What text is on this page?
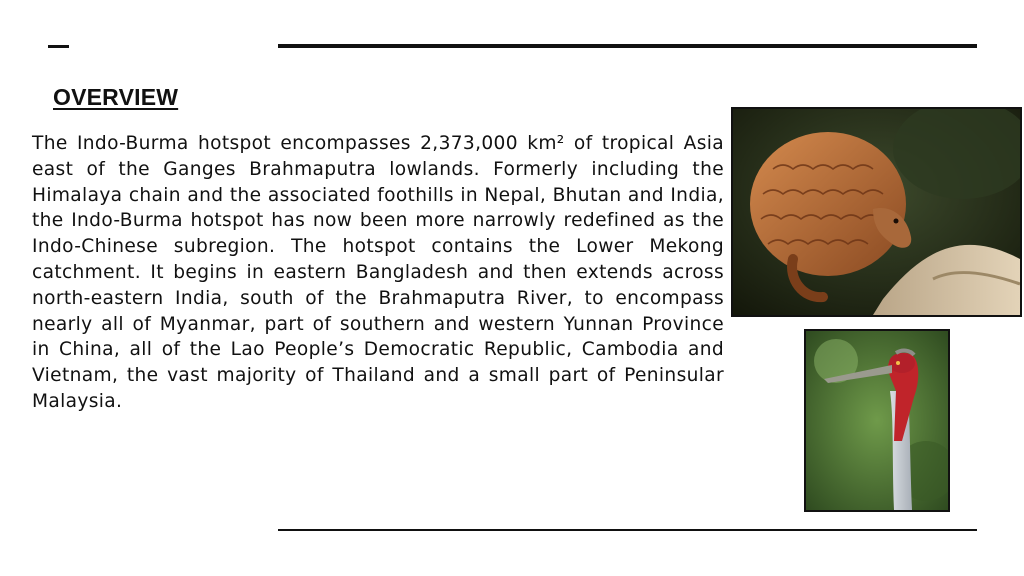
OVERVIEW

The Indo-Burma hotspot encompasses 2,373,000 km² of tropical Asia east of the Ganges Brahmaputra lowlands. Formerly including the Himalaya chain and the associated foothills in Nepal, Bhutan and India, the Indo-Burma hotspot has now been more narrowly redefined as the Indo-Chinese subregion. The hotspot contains the Lower Mekong catchment. It begins in eastern Bangladesh and then extends across north-eastern India, south of the Brahmaputra River, to encompass nearly all of Myanmar, part of southern and western Yunnan Province in China, all of the Lao People’s Democratic Republic, Cambodia and Vietnam, the vast majority of Thailand and a small part of Peninsular Malaysia.
